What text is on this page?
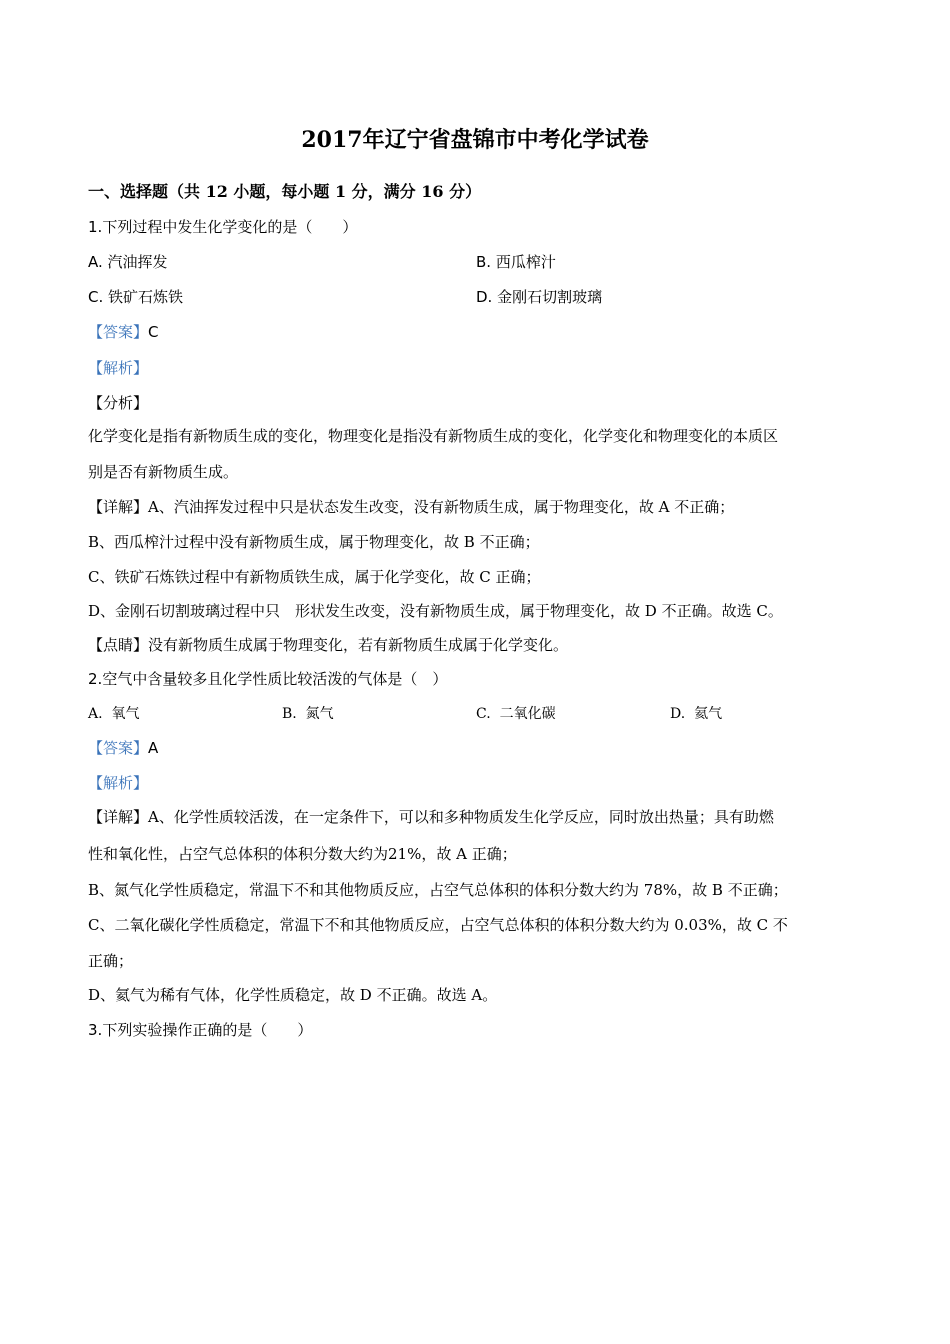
2017年辽宁省盘锦市中考化学试卷
一、选择题（共 12 小题，每小题 1 分，满分 16 分）
1.下列过程中发生化学变化的是（　　）
A. 汽油挥发	B. 西瓜榨汁
C. 铁矿石炼铁	D. 金刚石切割玻璃
【答案】C
【解析】
【分析】
化学变化是指有新物质生成的变化，物理变化是指没有新物质生成的变化，化学变化和物理变化的本质区
别是否有新物质生成。
【详解】A、汽油挥发过程中只是状态发生改变，没有新物质生成，属于物理变化，故 A 不正确；
B、西瓜榨汁过程中没有新物质生成，属于物理变化，故 B 不正确；
C、铁矿石炼铁过程中有新物质铁生成，属于化学变化，故 C 正确；
D、金刚石切割玻璃过程中只　形状发生改变，没有新物质生成，属于物理变化，故 D 不正确。故选 C。
【点睛】没有新物质生成属于物理变化，若有新物质生成属于化学变化。
2.空气中含量较多且化学性质比较活泼的气体是（　）
A. 氧气	B. 氮气	C. 二氧化碳	D. 氦气
【答案】A
【解析】
【详解】A、化学性质较活泼，在一定条件下，可以和多种物质发生化学反应，同时放出热量；具有助燃
性和氧化性，占空气总体积的体积分数大约为21%，故 A 正确；
B、氮气化学性质稳定，常温下不和其他物质反应，占空气总体积的体积分数大约为 78%，故 B 不正确；
C、二氧化碳化学性质稳定，常温下不和其他物质反应，占空气总体积的体积分数大约为 0.03%，故 C 不
正确；
D、氦气为稀有气体，化学性质稳定，故 D 不正确。故选 A。
3.下列实验操作正确的是（　　）
